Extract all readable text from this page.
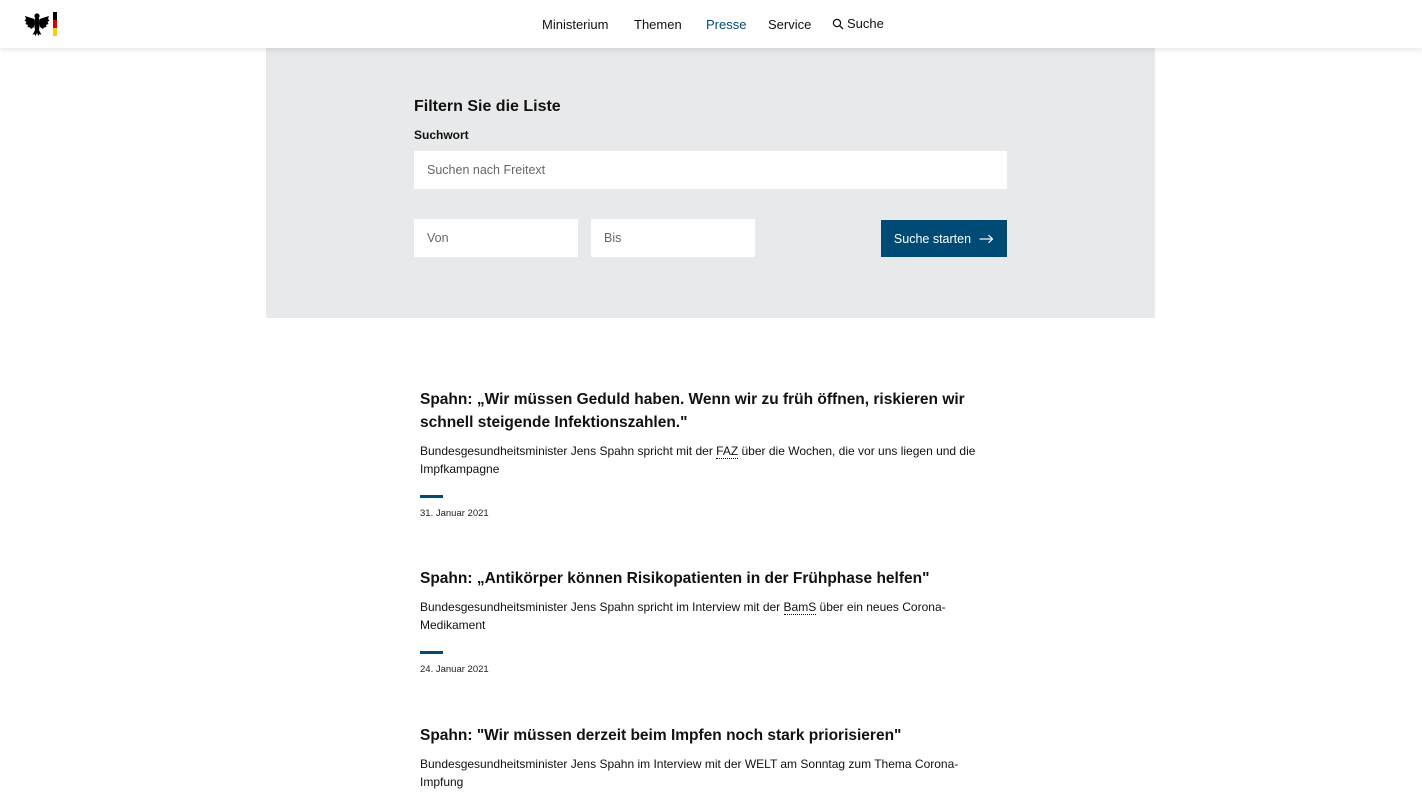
Ministerium Themen Presse Service	Suche
Filtern Sie die Liste
Suchwort
Suchen nach Freitext
Von
Bis
Suche starten
Spahn: „Wir müssen Geduld haben. Wenn wir zu früh öffnen, riskieren wir schnell steigende Infektionszahlen."

Bundesgesundheitsminister Jens Spahn spricht mit der FAZ über die Wochen, die vor uns liegen und die Impfkampagne

31. Januar 2021
Spahn: „Antikörper können Risikopatienten in der Frühphase helfen"

Bundesgesundheitsminister Jens Spahn spricht im Interview mit der BamS über ein neues Corona-Medikament

24. Januar 2021
Spahn: "Wir müssen derzeit beim Impfen noch stark priorisieren"

Bundesgesundheitsminister Jens Spahn im Interview mit der WELT am Sonntag zum Thema Corona-Impfung
